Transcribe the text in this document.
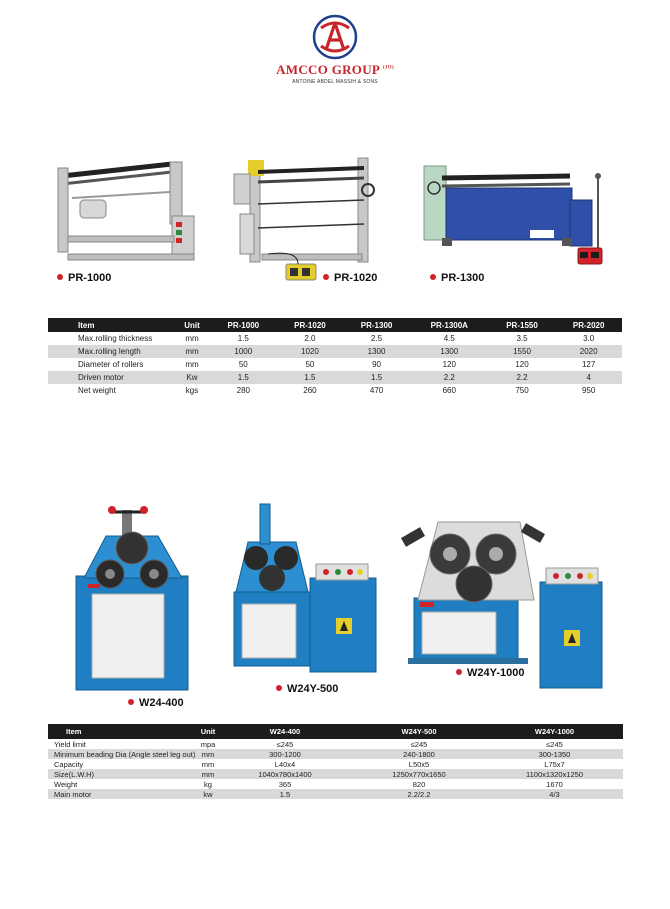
AMCCO GROUP $^{(JO)}$
ANTOINE ABDEL MASSIH & SONS
PR-1000	PR-1020	PR-1300
Item	Unit	PR-1000	PR-1020	PR-1300	PR-1300A	PR-1550	PR-2020
Max.rolling thickness	mm	1.5	2.0	2.5	4.5	3.5	3.0
Max.rolling length	mm	1000	1020	1300	1300	1550	2020
Diameter of rollers	mm	50	50	90	120	120	127
Driven motor	Kw	1.5	1.5	1.5	2.2	2.2	4
Net weight	kgs	280	260	470	660	750	950
W24-400
W24Y-500
W24Y-1000
Item	Unit	W24-400	W24Y-500	W24Y-1000
Yield limit	mpa	≤245	≤245	≤245
Minimum beading Dia (Angle steel leg out)	mm	300-1200	240-1800	300-1350
Capacity	mm	L40x4	L50x5	L75x7
Size(L.W.H)	mm	1040x780x1400	1250x770x1650	1100x1320x1250
Weight	kg	365	820	1670
Main motor	kw	1.5	2.2/2.2	4/3
